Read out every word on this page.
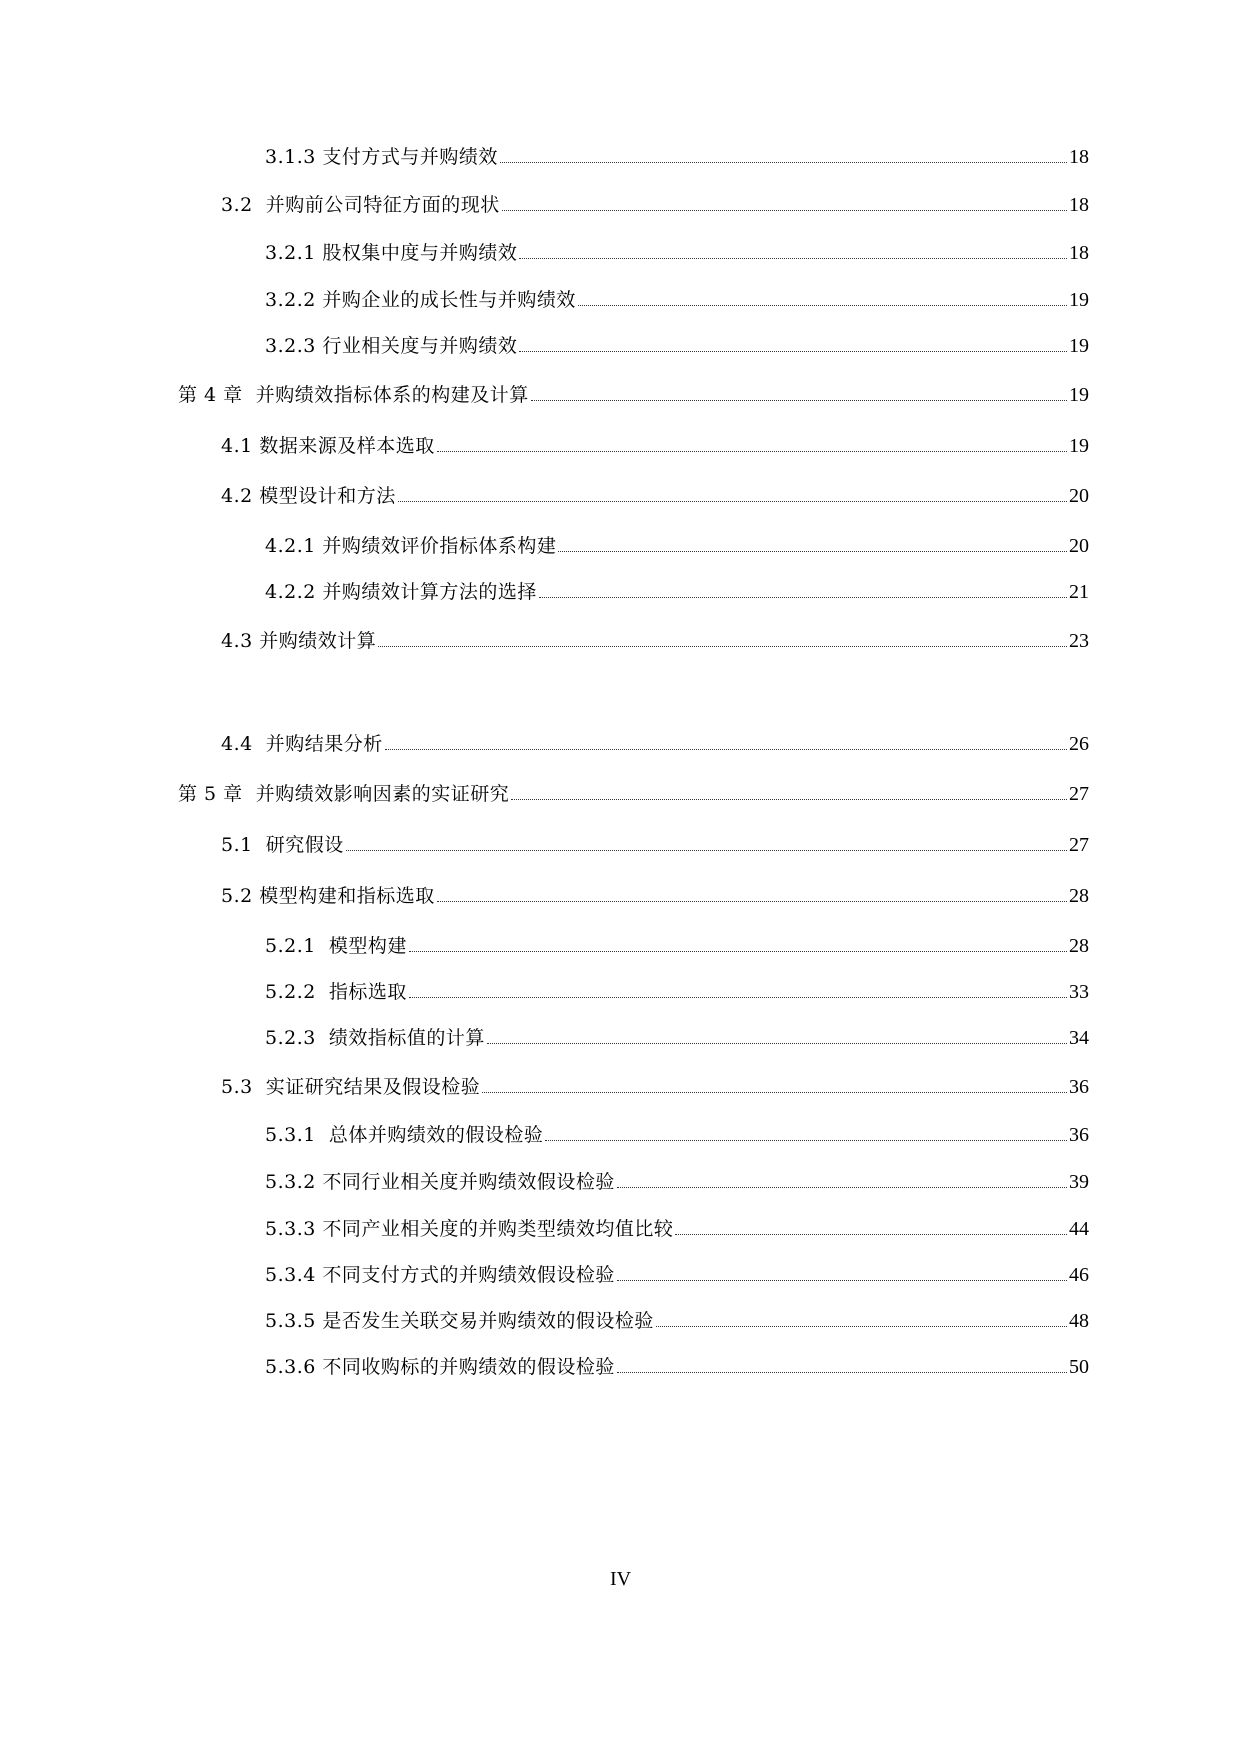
3.1.3 支付方式与并购绩效	18
3.2  并购前公司特征方面的现状	18
3.2.1 股权集中度与并购绩效	18
3.2.2 并购企业的成长性与并购绩效	19
3.2.3 行业相关度与并购绩效	19
第 4 章  并购绩效指标体系的构建及计算	19
4.1 数据来源及样本选取	19
4.2 模型设计和方法	20
4.2.1 并购绩效评价指标体系构建	20
4.2.2 并购绩效计算方法的选择	21
4.3 并购绩效计算	23
4.4  并购结果分析	26
第 5 章  并购绩效影响因素的实证研究	27
5.1  研究假设	27
5.2 模型构建和指标选取	28
5.2.1  模型构建	28
5.2.2  指标选取	33
5.2.3  绩效指标值的计算	34
5.3  实证研究结果及假设检验	36
5.3.1  总体并购绩效的假设检验	36
5.3.2 不同行业相关度并购绩效假设检验	39
5.3.3 不同产业相关度的并购类型绩效均值比较	44
5.3.4 不同支付方式的并购绩效假设检验	46
5.3.5 是否发生关联交易并购绩效的假设检验	48
5.3.6 不同收购标的并购绩效的假设检验	50
IV
